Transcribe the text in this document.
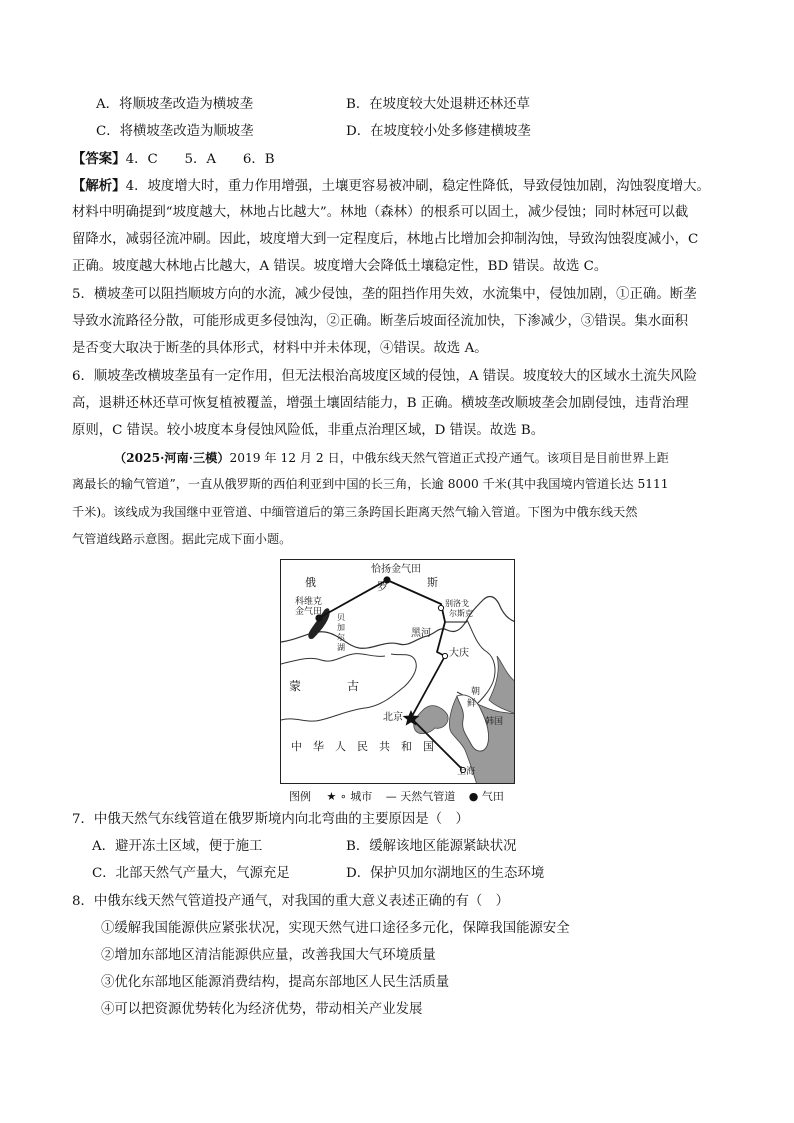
A．将顺坡垄改造为横坡垄	B．在坡度较大处退耕还林还草
C．将横坡垄改造为顺坡垄	D．在坡度较小处多修建横坡垄
【答案】4．C　　5．A　　6．B
【解析】4．坡度增大时，重力作用增强，土壤更容易被冲刷，稳定性降低，导致侵蚀加剧，沟蚀裂度增大。
材料中明确提到“坡度越大，林地占比越大”。林地（森林）的根系可以固土，减少侵蚀；同时林冠可以截
留降水，减弱径流冲刷。因此，坡度增大到一定程度后，林地占比增加会抑制沟蚀，导致沟蚀裂度减小，C
正确。坡度越大林地占比越大，A 错误。坡度增大会降低土壤稳定性，BD 错误。故选 C。
5．横坡垄可以阻挡顺坡方向的水流，减少侵蚀，垄的阻挡作用失效，水流集中，侵蚀加剧，①正确。断垄
导致水流路径分散，可能形成更多侵蚀沟，②正确。断垄后坡面径流加快，下渗减少，③错误。集水面积
是否变大取决于断垄的具体形式，材料中并未体现，④错误。故选 A。
6．顺坡垄改横坡垄虽有一定作用，但无法根治高坡度区域的侵蚀，A 错误。坡度较大的区域水土流失风险
高，退耕还林还草可恢复植被覆盖，增强土壤固结能力，B 正确。横坡垄改顺坡垄会加剧侵蚀，违背治理
原则，C 错误。较小坡度本身侵蚀风险低，非重点治理区域，D 错误。故选 B。
（2025·河南·三模）2019 年 12 月 2 日，中俄东线天然气管道正式投产通气。该项目是目前世界上距
离最长的输气管道”，一直从俄罗斯的西伯利亚到中国的长三角，长逾 8000 千米(其中我国境内管道长达 5111
千米)。该线成为我国继中亚管道、中缅管道后的第三条跨国长距离天然气输入管道。下图为中俄东线天然
气管道线路示意图。据此完成下面小题。
俄	罗	斯
恰扬金气田
科维克
金气田
贝
加
尔
湖
别洛戈
尔斯克
黑河
大庆
蒙	古	朝
鲜
韩国
北京
中　华　人　民　共　和　国
上海
图例 ★ ∘ 城市 — 天然气管道 ● 气田
7．中俄天然气东线管道在俄罗斯境内向北弯曲的主要原因是（　）
A．避开冻土区域，便于施工	B．缓解该地区能源紧缺状况
C．北部天然气产量大，气源充足	D．保护贝加尔湖地区的生态环境
8．中俄东线天然气管道投产通气，对我国的重大意义表述正确的有（　）
①缓解我国能源供应紧张状况，实现天然气进口途径多元化，保障我国能源安全
②增加东部地区清洁能源供应量，改善我国大气环境质量
③优化东部地区能源消费结构，提高东部地区人民生活质量
④可以把资源优势转化为经济优势，带动相关产业发展
